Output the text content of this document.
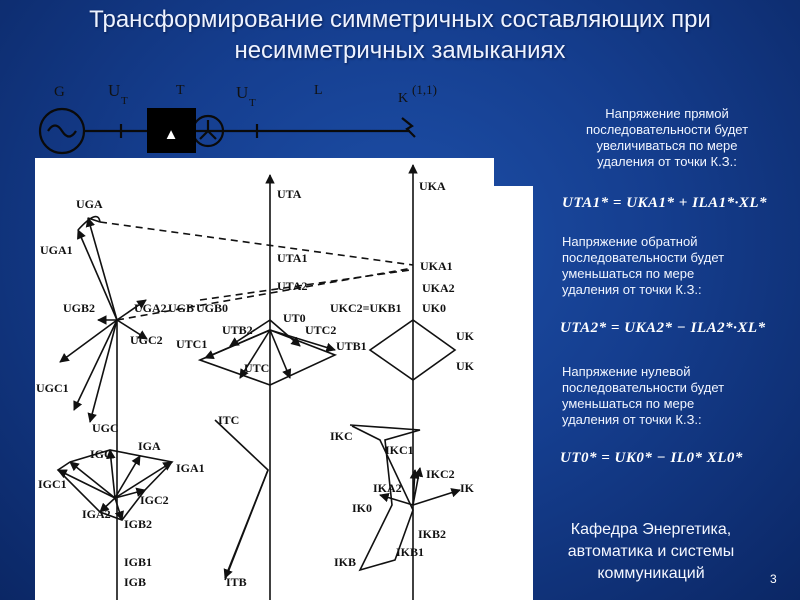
Трансформирование симметричных составляющих при
несимметричных замыканиях
▲
G	U
Т
T	U
T
L
K
(1,1)
UGA
UGA1
UGB2	UGA2 UGB UGB0
UGC2
UGC1
UGC
UTA
UTA1
UTA2
UTB2
UT0
UTC2
UTC1	UTB1
UTC
UKA
UKA1
UKA2
UKC2=UKB1 UK0
UK
UK
IGC
IGA
IGA1
IGC1
IGC2
IGA2
IGB2
IGB1
IGB
ITC
ITB
IKC
IKC1
IKC2
IKA2
IK0
IKB2
IKB1
IKB
IK
Напряжение прямой
последовательности будет
увеличиваться по мере
удаления от точки К.З.:
UTA1* = UKA1* + ILA1*·XL*
Напряжение обратной
последовательности будет
уменьшаться по мере
удаления от точки К.З.:
UTA2* = UKA2* − ILA2*·XL*
Напряжение нулевой
последовательности будет
уменьшаться по мере
удаления от точки К.З.:
UT0* = UK0* − IL0* XL0*
Кафедра Энергетика,
автоматика и системы
коммуникаций	3
